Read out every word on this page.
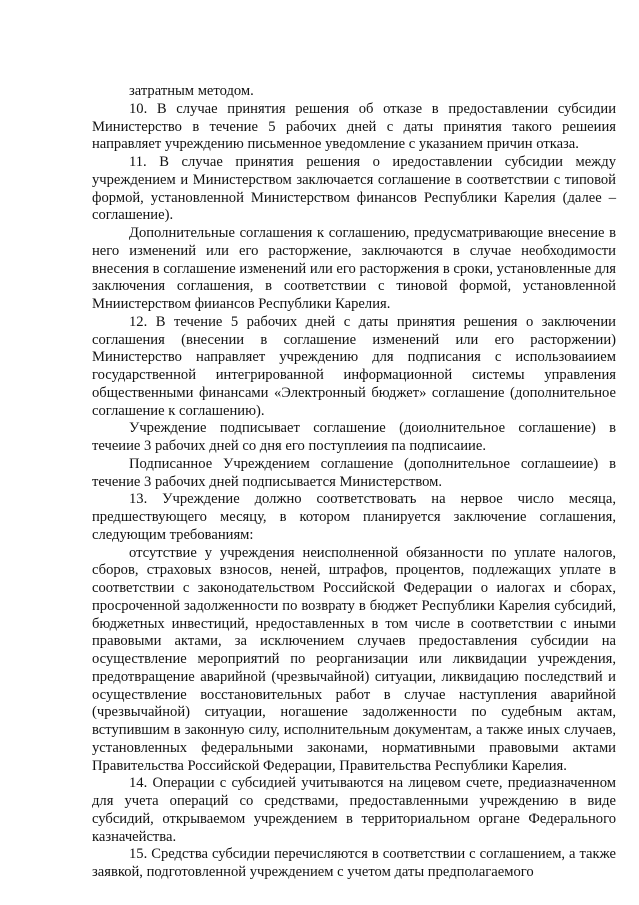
затратным методом.

10. В случае принятия решения об отказе в предоставлении субсидии Министерство в течение 5 рабочих дней с даты принятия такого решеиия направляет учреждению письменное уведомление с указанием причин отказа.

11. В случае принятия решения о иредоставлении субсидии между учреждением и Министерством заключается соглашение в соответствии с типовой формой, установленной Министерством финансов Республики Карелия (далее – соглашение).

Дополнительные соглашения к соглашению, предусматривающие внесение в него изменений или его расторжение, заключаются в случае необходимости внесения в соглашение изменений или его расторжения в сроки, установленные для заключения соглашения, в соответствии с тиновой формой, установленной Мниистерством фииансов Республики Карелия.

12. В течение 5 рабочих дней с даты принятия решения о заключении соглашения (внесении в соглашение изменений или его расторжении) Министерство направляет учреждению для подписания с использоваиием государственной интегрированной информационной системы управления общественными финансами «Электронный бюджет» соглашение (дополнительное соглашение к соглашению).

Учреждение подписывает соглашение (доиолнительное соглашение) в течеиие 3 рабочих дней со дня его поступлеиия па подписаиие.

Подписанное Учреждением соглашение (дополнительное соглашеиие) в течение 3 рабочих дней подписывается Министерством.

13. Учреждение должно соответствовать на нервое число месяца, предшествующего месяцу, в котором планируется заключение соглашения, следующим требованиям:

отсутствие у учреждения неисполненной обязанности по уплате налогов, сборов, страховых взносов, неней, штрафов, процентов, подлежащих уплате в соответствии с законодательством Российской Федерации о иалогах и сборах, просроченной задолженности по возврату в бюджет Республики Карелия субсидий, бюджетных инвестиций, нредоставленных в том числе в соответствии с иными правовыми актами, за исключением случаев предоставления субсидии на осуществление мероприятий по реорганизации или ликвидации учреждения, предотвращение аварийной (чрезвычайной) ситуации, ликвидацию последствий и осуществление восстановительных работ в случае наступления аварийной (чрезвычайной) ситуации, ногашение задолженности по судебным актам, вступившим в законную силу, исполнительным документам, а также иных случаев, установленных федеральными законами, нормативными правовыми актами Правительства Российской Федерации, Правительства Республики Карелия.

14. Операции с субсидией учитываются на лицевом счете, предиазначенном для учета операций со средствами, предоставленными учреждению в виде субсидий, открываемом учреждением в территориальном органе Федерального казначейства.

15. Средства субсидии перечисляются в соответствии с соглашением, а также заявкой, подготовленной учреждением с учетом даты предполагаемого
